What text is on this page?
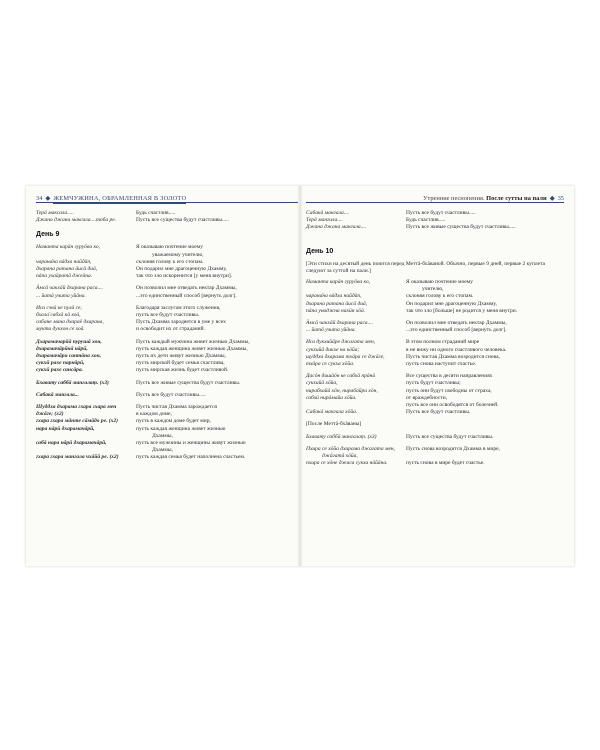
34 ◆ ЖЕМЧУЖИНА, ОБРАМЛЕННАЯ В ЗОЛОТО
Терā максала.....	Будь счастлив.....
Джана джана максала....тоба ре.	Пусть все существа будут счастливы.....
День 9
Наманта карāн гуруōва ко,	Я оказываю почтение моему
уважаемому учителю,
чарана̄на вāдха найдān,	склоняя голову к его стопам.
дхарана ратана āисā диā,	Он подарил мне драгоценную Дхамму,
пāпа ухаāратā джеāна.	так что зло искоренится [у меня внутри].
Āмсā чакхāй дхарана раса....	Он позволил мне отведать нектар Дхаммы,
... йатā учита уйāна.	...это единственный способ [вернуть долг].
Иса сэвā ке пулā се,	Благодаря заслугам этого служения,
бхала̄ сабхā кā хоā,	пусть все будут счастливы.
сабане мана дхараē дхарана,	Пусть Дхамма зародяется в уме у всех
мукти дукхон се хоā.	и освободит их от страданий.
Дхарамачарйā пурушā хон,	Пусть каждый мужчина живет жизнью Дхаммы,
дхарамачāрйнā нāрū,	пусть каждая женщина живет жизнью Дхаммы,
дхарамачāри сантāна хон,	пусть их дети живут жизнью Дхаммы,
сукхū рахе парнāрū,	пусть мирской будет семья счастлива,
сукхū рахе сансāра.	пусть мирская жизнь будет счастливой.
Бхавату саббā мангалаṃ. (x3)	Пусть все живые существа будут счастливы.
Сабакā мангала...	Пусть все будут счастливы.....
Шуддха дхарама гхара гхара мен	Пусть чистая Дхамма зарождается
джāге; (x2)	в каждом доме,
гхара гхара мāнте сāмāдо ре. (x2)	пусть в каждом доме будет мир,
нара нāрū дхарамачāрй,	пусть каждая женщина живет жизнью
Дхаммы,
сабā нара нāрū дхарамачāрй,	пусть все мужчины и женщины живут жизнью
Дхаммы,
гхара гхара мангала чхāйā ре. (x2)	пусть каждая семья будет наполнена счастьем.
Утренние песнопения. После сутты на пали ◆ 35
Сабакā мангала....	Пусть все будут счастливы.....
Терā мангала....	Будь счастлив.....
Джана джана мангала....	Пусть все живые существа будут счастливы.....
День 10
[Эти стихи на десятый день поются перед Меттā-бхāваной. Обычно, первые 9 дней, первые 2 куплета следуют за суттой на пали.]
Наманта карāн гуруōва ко,	Я оказываю почтение моему
учителю,
чарана̄на вāдха найдān,	склоняя голову к его стопам.
дхарана ратана āисā диā,	Он подарил мне драгоценную Дхамму,
пāпа унаджна нахūн хōā.	так что зло [больше] не родится у меня внутри.
Āмсā чакхāй дхарана раса....	Он позволил мне отведать нектар Дхаммы,
... йатā учита уйāна.	...это единственный способ [вернуть долг].
Иса дукхийāре джагата мен,	В этом полном страданий мире
сукхийā дикхе на кōйа;	я не вижу ни одного счастливого человека.
шуддха дхарама тхāра се джāге,	Пусть чистая Дхамма возродится снова,
тхāра се сукха хōйа.	пусть снова наступит счастье.
Дасōн дишāōн ке сабхā прāнū	Все существа в десяти направлениях
сукхийā хōйа,	пусть будут счастливы;
нирабхайā хōн, нирабайра хōн,	пусть они будут свободны от страха,
сабхū нирāмайа хōйа.	от враждебности,
пусть все они освободятся от болезней.
Сабакā мангала хōйа.	Пусть все будут счастливы.
[После Меттā-бхāваны]
Бхавату саббā мангалаṃ. (x3)	Пусть все существа будут счастливы.
Пхира се хōйа дхарама джагата мен,	Пусть снова возродится Дхамма в мире,
джāгатā хōйа,
пхира се хōне джаса сукха нāйāна.	пусть снова в мире будет счастье.
